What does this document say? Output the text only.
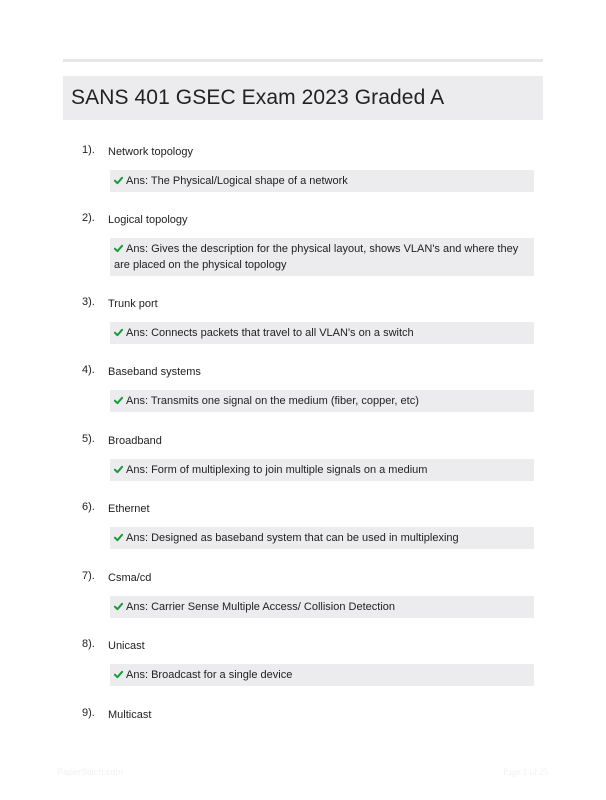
SANS 401 GSEC Exam 2023 Graded A
1). Network topology
Ans: The Physical/Logical shape of a network
2). Logical topology
Ans: Gives the description for the physical layout, shows VLAN's and where they are placed on the physical topology
3). Trunk port
Ans: Connects packets that travel to all VLAN's on a switch
4). Baseband systems
Ans: Transmits one signal on the medium (fiber, copper, etc)
5). Broadband
Ans: Form of multiplexing to join multiple signals on a medium
6). Ethernet
Ans: Designed as baseband system that can be used in multiplexing
7). Csma/cd
Ans: Carrier Sense Multiple Access/ Collision Detection
8). Unicast
Ans: Broadcast for a single device
9). Multicast
PaperStitch.com	Page 1 of 25
